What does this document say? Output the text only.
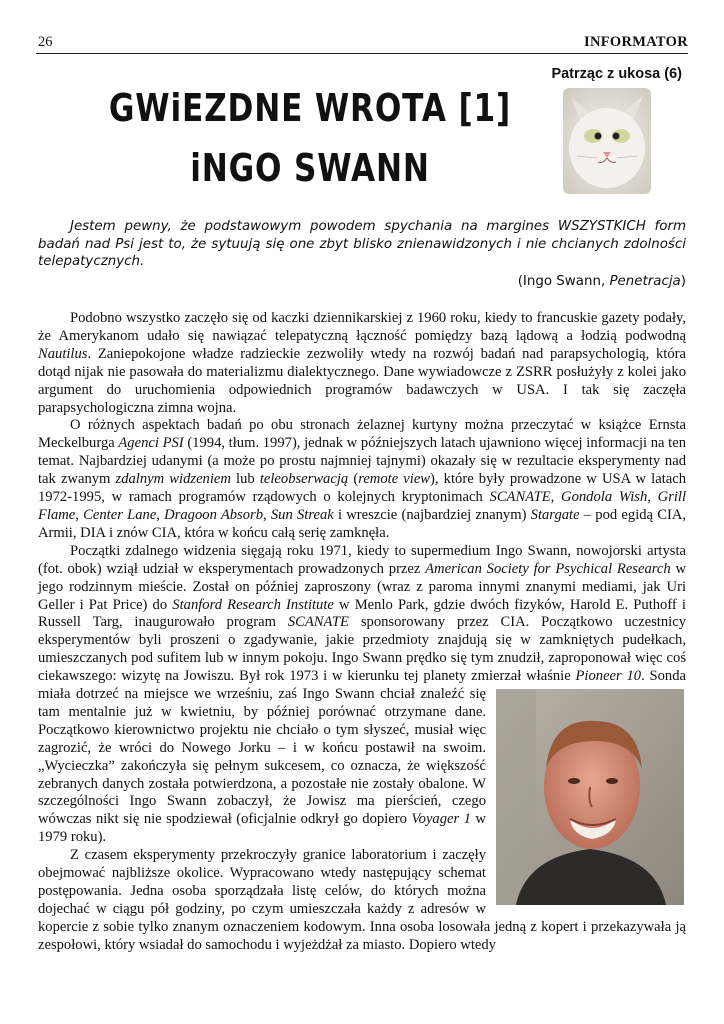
26	INFORMATOR
Patrząc z ukosa (6)
GWiEZDNE WROTA [1]
iNGO SWANN

Jestem pewny, że podstawowym powodem spychania na margines WSZYSTKICH form badań nad Psi jest to, że sytuują się one zbyt blisko znienawidzonych i nie chcianych zdolności telepatycznych.

(Ingo Swann, Penetracja)

Podobno wszystko zaczęło się od kaczki dziennikarskiej z 1960 roku, kiedy to francuskie gazety podały, że Amerykanom udało się nawiązać telepatyczną łączność pomiędzy bazą lądową a łodzią podwodną Nautilus. Zaniepokojone władze radzieckie zezwoliły wtedy na rozwój badań nad parapsychologią, która dotąd nijak nie pasowała do materializmu dialektycznego. Dane wywiadowcze z ZSRR posłużyły z kolei jako argument do uruchomienia odpowiednich programów badawczych w USA. I tak się zaczęła parapsychologiczna zimna wojna.

O różnych aspektach badań po obu stronach żelaznej kurtyny można przeczytać w książce Ernsta Meckelburga Agenci PSI (1994, tłum. 1997), jednak w późniejszych latach ujawniono więcej informacji na ten temat. Najbardziej udanymi (a może po prostu najmniej tajnymi) okazały się w rezultacie eksperymenty nad tak zwanym zdalnym widzeniem lub teleobserwacją (remote view), które były prowadzone w USA w latach 1972-1995, w ramach programów rządowych o kolejnych kryptonimach SCANATE, Gondola Wish, Grill Flame, Center Lane, Dragoon Absorb, Sun Streak i wreszcie (najbardziej znanym) Stargate – pod egidą CIA, Armii, DIA i znów CIA, która w końcu całą serię zamknęła.

Początki zdalnego widzenia sięgają roku 1971, kiedy to supermedium Ingo Swann, nowojorski artysta (fot. obok) wziął udział w eksperymentach prowadzonych przez American Society for Psychical Research w jego rodzinnym mieście. Został on później zaproszony (wraz z paroma innymi znanymi mediami, jak Uri Geller i Pat Price) do Stanford Research Institute w Menlo Park, gdzie dwóch fizyków, Harold E. Puthoff i Russell Targ, inaugurowało program SCANATE sponsorowany przez CIA. Początkowo uczestnicy eksperymentów byli proszeni o zgadywanie, jakie przedmioty znajdują się w zamkniętych pudełkach, umieszczanych pod sufitem lub w innym pokoju. Ingo Swann prędko się tym znudził, zaproponował więc coś ciekawszego: wizytę na Jowiszu. Był rok 1973 i w kierunku tej planety zmierzał właśnie
Pioneer 10. Sonda miała dotrzeć na miejsce we wrześniu, zaś Ingo Swann chciał znaleźć się tam mentalnie już w kwietniu, by później porównać otrzymane dane. Początkowo kierownictwo projektu nie chciało o tym słyszeć, musiał więc zagrozić, że wróci do Nowego Jorku – i w końcu postawił na swoim. „Wycieczka” zakończyła się pełnym sukcesem, co oznacza, że większość zebranych danych została potwierdzona, a pozostałe nie zostały obalone. W szczególności Ingo Swann zobaczył, że Jowisz ma pierścień, czego wówczas nikt się nie spodziewał (oficjalnie odkrył go dopiero Voyager 1 w 1979 roku).

Z czasem eksperymenty przekroczyły granice laboratorium i zaczęły obejmować najbliższe okolice. Wypracowano wtedy następujący schemat postępowania. Jedna osoba sporządzała listę celów, do których można dojechać w ciągu pół godziny, po czym umieszczała każdy z adresów w kopercie z sobie tylko znanym oznaczeniem kodowym. Inna osoba losowała jedną z kopert i przekazywała ją zespołowi, który wsiadał do samochodu i wyjeżdżał za miasto. Dopiero wtedy
